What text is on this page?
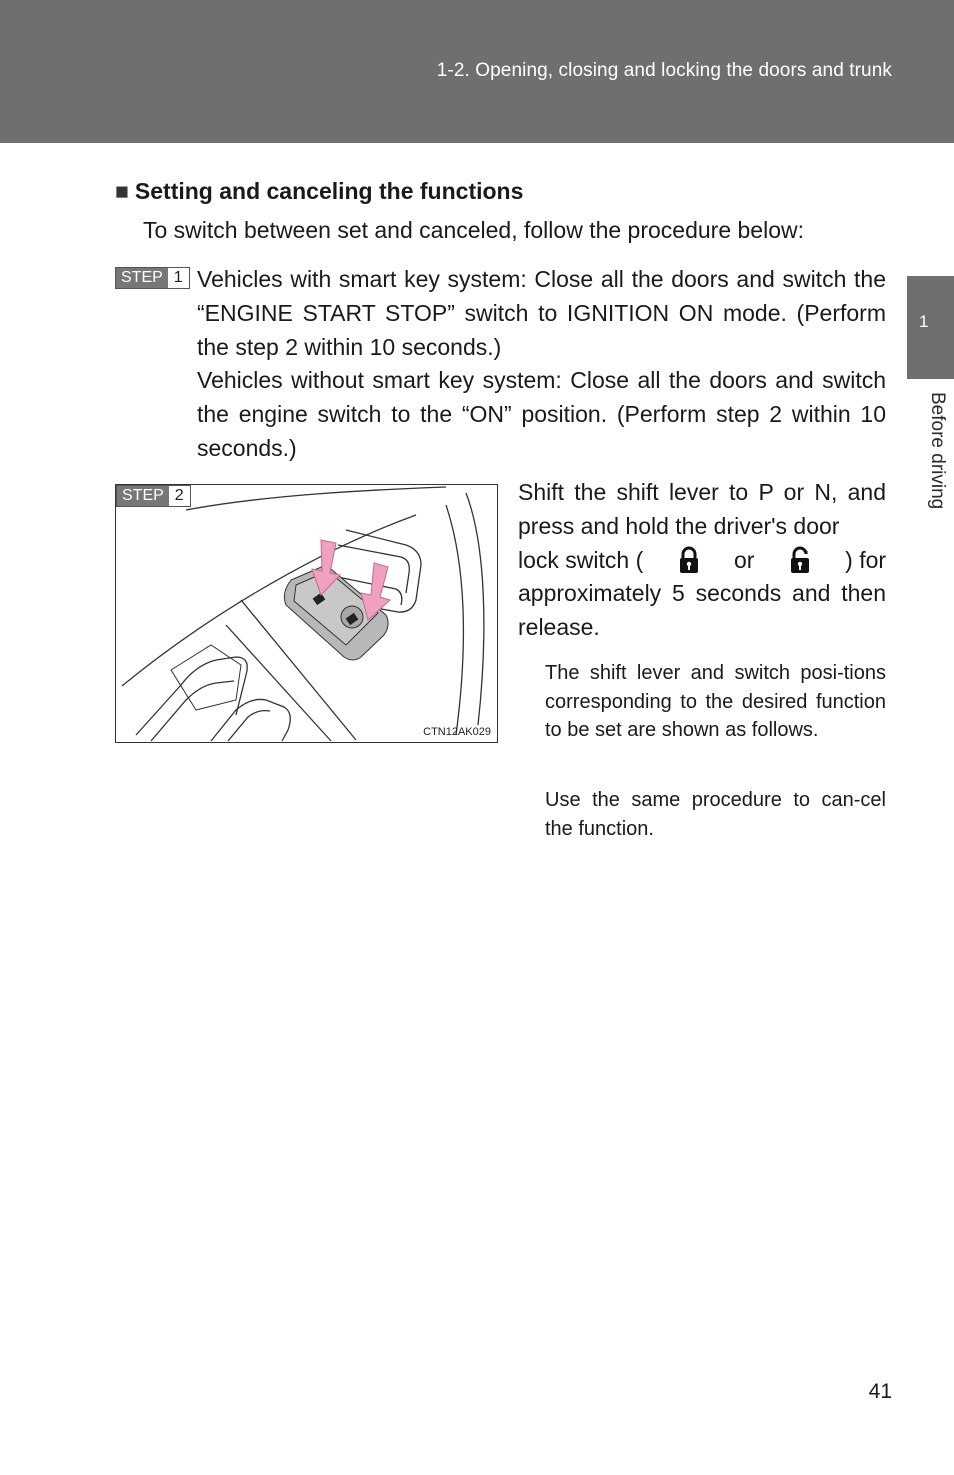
1-2. Opening, closing and locking the doors and trunk
1
Before driving
■ Setting and canceling the functions
To switch between set and canceled, follow the procedure below:
STEP 1 Vehicles with smart key system: Close all the doors and switch the “ENGINE START STOP” switch to IGNITION ON mode. (Perform the step 2 within 10 seconds.)

Vehicles without smart key system: Close all the doors and switch the engine switch to the “ON” position. (Perform step 2 within 10 seconds.)

STEP 2
CTN12AK029
Shift the shift lever to P or N, and press and hold the driver's door
lock switch (	or	) for
approximately 5 seconds and then release.
The shift lever and switch posi-tions corresponding to the desired function to be set are shown as follows.
Use the same procedure to can-cel the function.
41
